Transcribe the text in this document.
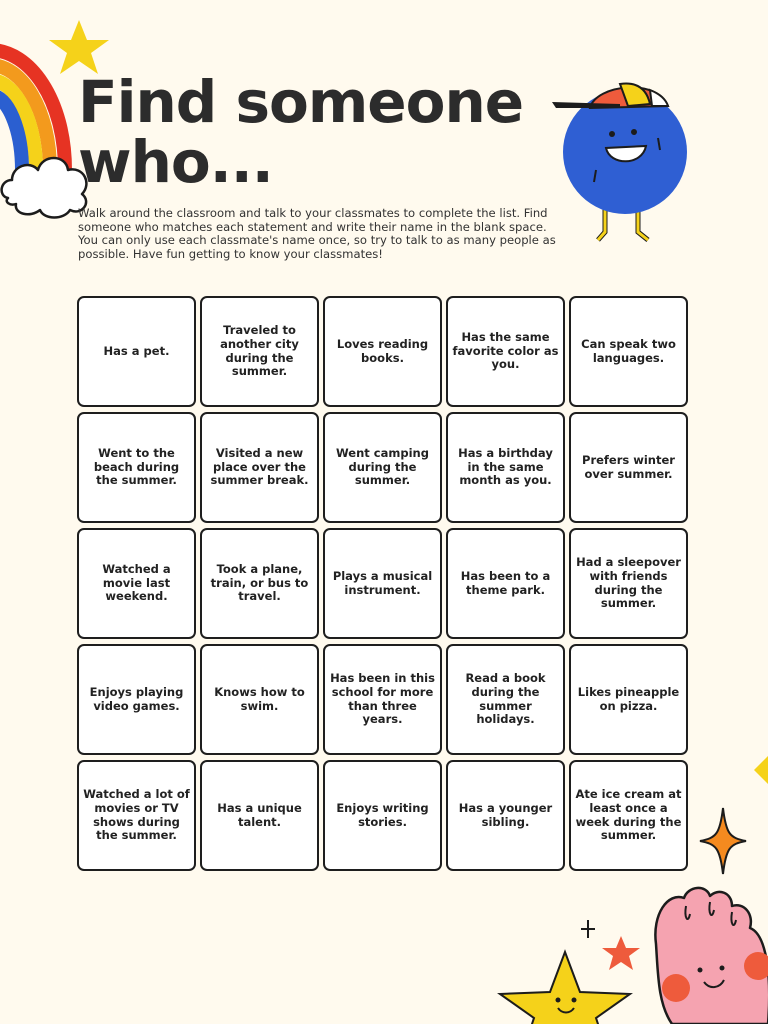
Find someone who...

Walk around the classroom and talk to your classmates to complete the list. Find someone who matches each statement and write their name in the blank space. You can only use each classmate's name once, so try to talk to as many people as possible. Have fun getting to know your classmates!

Has a pet.
Traveled to another city during the summer.
Loves reading books.
Has the same favorite color as you.
Can speak two languages.
Went to the beach during the summer.
Visited a new place over the summer break.
Went camping during the summer.
Has a birthday in the same month as you.
Prefers winter over summer.
Watched a movie last weekend.
Took a plane, train, or bus to travel.
Plays a musical instrument.
Has been to a theme park.
Had a sleepover with friends during the summer.
Enjoys playing video games.
Knows how to swim.
Has been in this school for more than three years.
Read a book during the summer holidays.
Likes pineapple on pizza.
Watched a lot of movies or TV shows during the summer.
Has a unique talent.
Enjoys writing stories.
Has a younger sibling.
Ate ice cream at least once a week during the summer.
